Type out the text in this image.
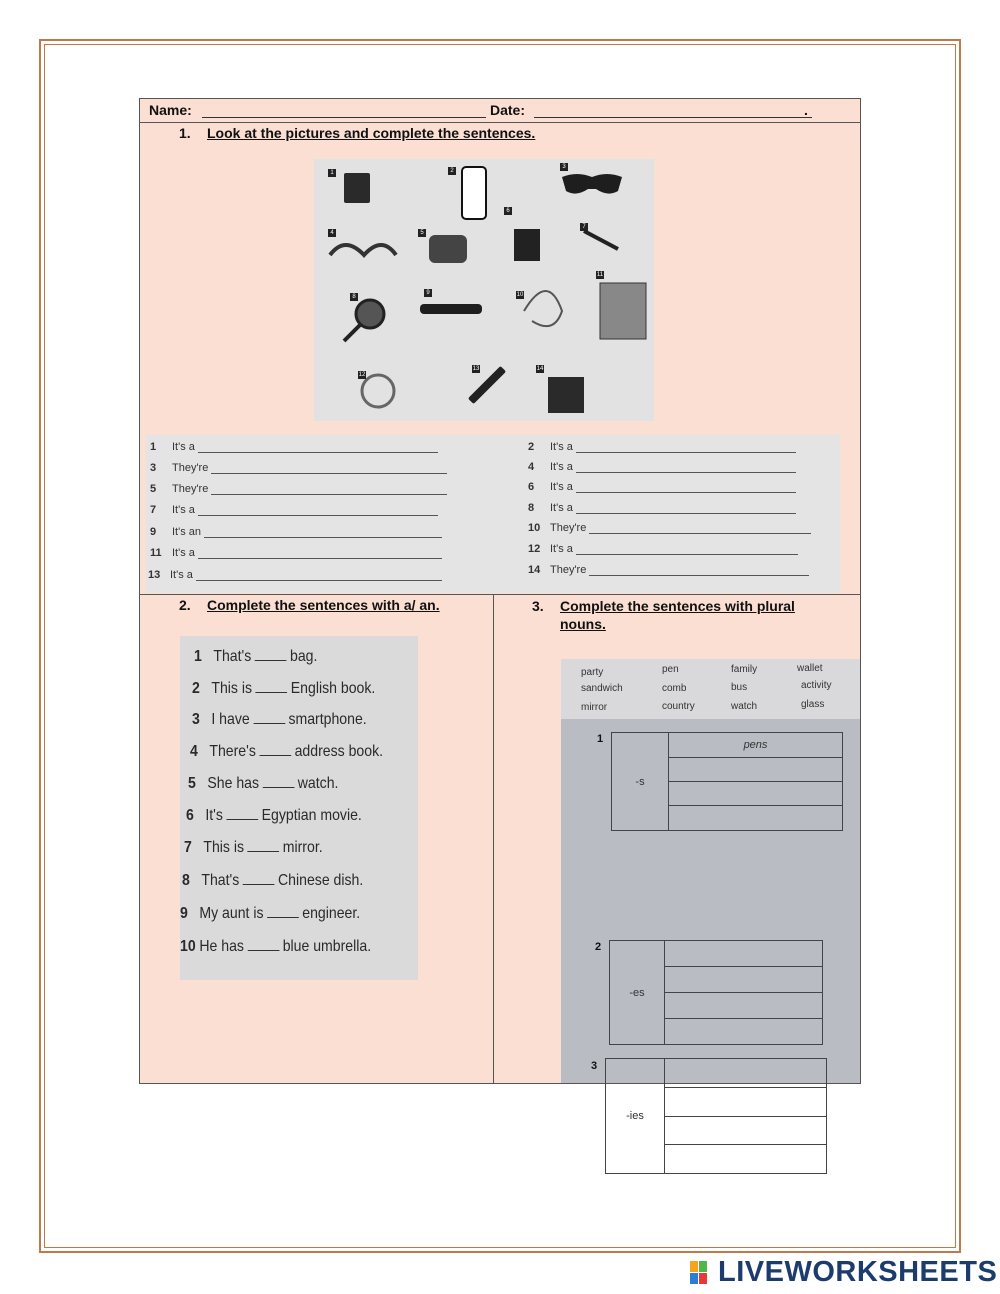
Name:	Date:	.
1. Look at the pictures and complete the sentences.
1	2
3
4	5
6
7
8
9	10
11
12
13	14
1 It's a
3 They're
5 They're
7 It's a
9 It's an
11 It's a
13 It's a
2 It's a
4 It's a
6 It's a
8 It's a
10 They're
12 It's a
14 They're
2. Complete the sentences with a/ an.
1 That's bag.
2 This is English book.
3 I have smartphone.
4 There's address book.
5 She has watch.
6 It's Egyptian movie.
7 This is mirror.
8 That's Chinese dish.
9 My aunt is engineer.
10 He has blue umbrella.
3. Complete the sentences with plural
nouns.
party	pen	family	wallet
sandwich	comb	bus	activity
mirror	country	watch	glass
1
-s	pens

2
-es	

3
-ies	

LIVEWORKSHEETS
